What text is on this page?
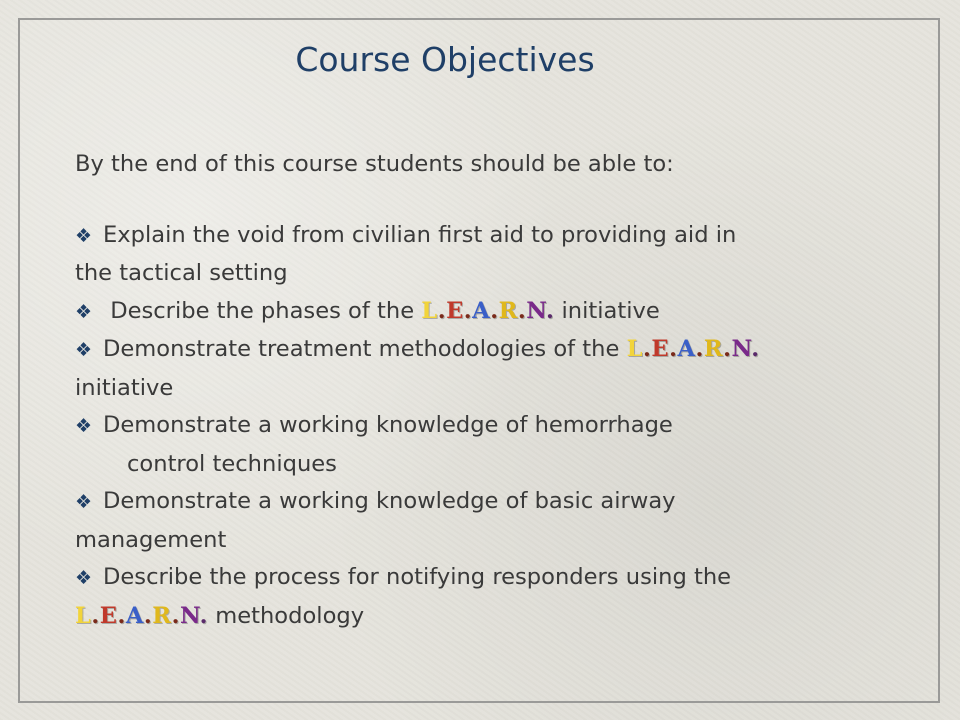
Course Objectives
By the end of this course students should be able to:
❖ Explain the void from civilian first aid to providing aid in
the tactical setting
❖ Describe the phases of the L.E.A.R.N. initiative
❖ Demonstrate treatment methodologies of the L.E.A.R.N.
initiative
❖ Demonstrate a working knowledge of hemorrhage
control techniques
❖ Demonstrate a working knowledge of basic airway
management
❖ Describe the process for notifying responders using the
L.E.A.R.N. methodology
